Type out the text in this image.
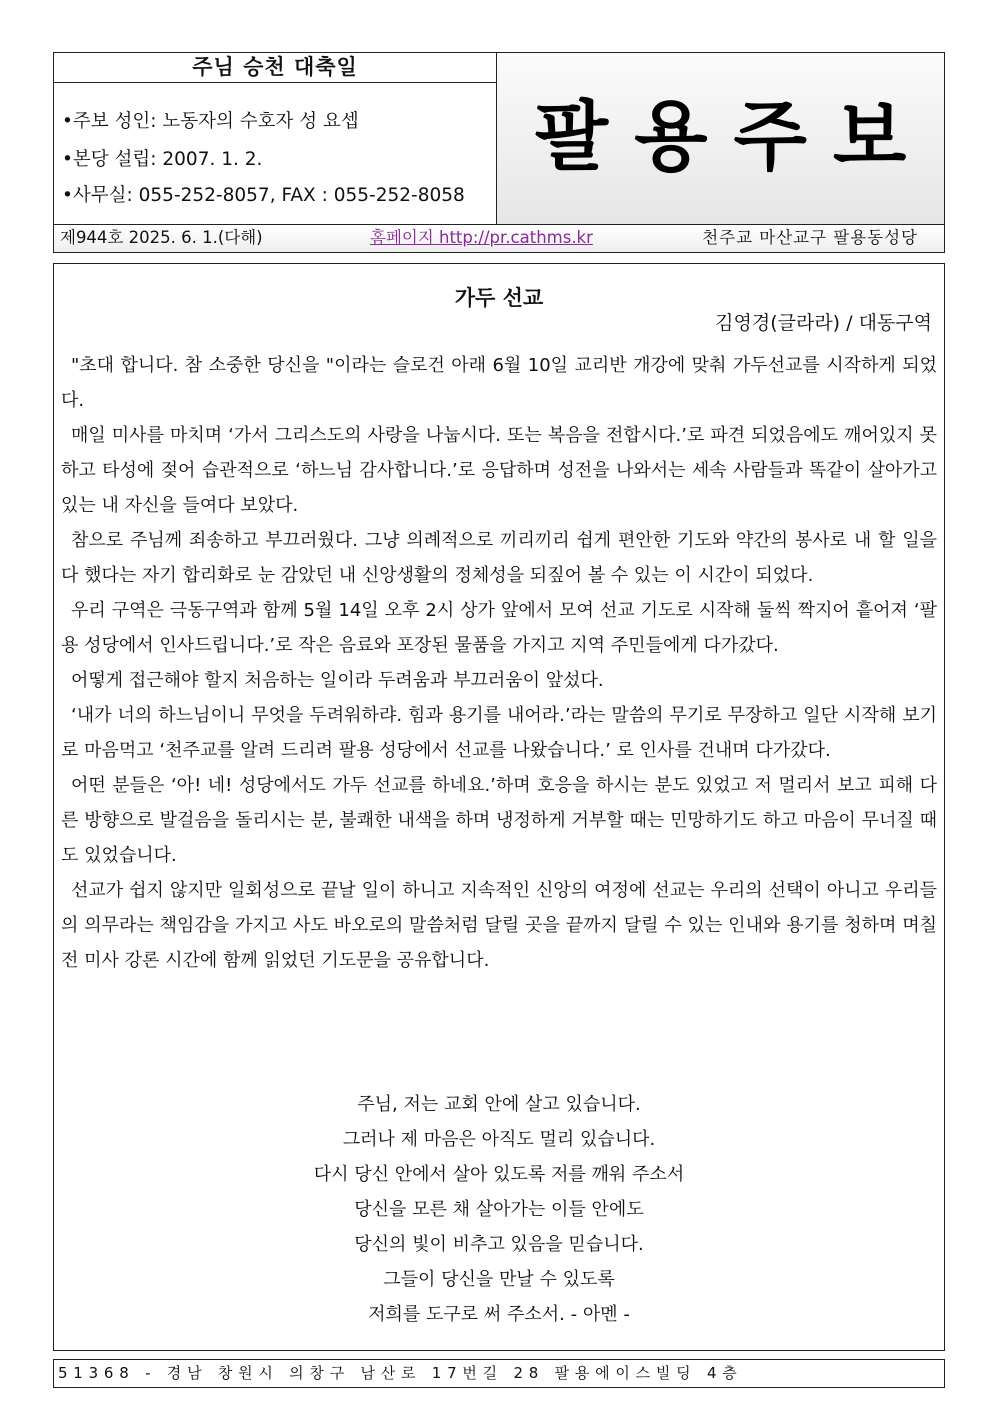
주님 승천 대축일
•주보 성인: 노동자의 수호자 성 요셉
•본당 설립: 2007. 1. 2.
•사무실: 055-252-8057, FAX : 055-252-8058
팔용주보
제944호 2025. 6. 1.(다해)	홈페이지 http://pr.cathms.kr	천주교 마산교구 팔용동성당
가두 선교
김영경(글라라) / 대동구역

"초대 합니다. 참 소중한 당신을 "이라는 슬로건 아래 6월 10일 교리반 개강에 맞춰 가두선교를 시작하게 되었다.

매일 미사를 마치며 ‘가서 그리스도의 사랑을 나눕시다. 또는 복음을 전합시다.’로 파견 되었음에도 깨어있지 못하고 타성에 젖어 습관적으로 ‘하느님 감사합니다.’로 응답하며 성전을 나와서는 세속 사람들과 똑같이 살아가고 있는 내 자신을 들여다 보았다.

참으로 주님께 죄송하고 부끄러웠다. 그냥 의례적으로 끼리끼리 쉽게 편안한 기도와 약간의 봉사로 내 할 일을 다 했다는 자기 합리화로 눈 감았던 내 신앙생활의 정체성을 되짚어 볼 수 있는 이 시간이 되었다.

우리 구역은 극동구역과 함께 5월 14일 오후 2시 상가 앞에서 모여 선교 기도로 시작해 둘씩 짝지어 흩어져 ‘팔용 성당에서 인사드립니다.’로 작은 음료와 포장된 물품을 가지고 지역 주민들에게 다가갔다.

어떻게 접근해야 할지 처음하는 일이라 두려움과 부끄러움이 앞섰다.

‘내가 너의 하느님이니 무엇을 두려워하랴. 힘과 용기를 내어라.’라는 말씀의 무기로 무장하고 일단 시작해 보기로 마음먹고 ‘천주교를 알려 드리려 팔용 성당에서 선교를 나왔습니다.’ 로 인사를 건내며 다가갔다.

어떤 분들은 ‘아! 네! 성당에서도 가두 선교를 하네요.’하며 호응을 하시는 분도 있었고 저 멀리서 보고 피해 다른 방향으로 발걸음을 돌리시는 분, 불쾌한 내색을 하며 냉정하게 거부할 때는 민망하기도 하고 마음이 무너질 때도 있었습니다.

선교가 쉽지 않지만 일회성으로 끝날 일이 하니고 지속적인 신앙의 여정에 선교는 우리의 선택이 아니고 우리들의 의무라는 책임감을 가지고 사도 바오로의 말씀처럼 달릴 곳을 끝까지 달릴 수 있는 인내와 용기를 청하며 며칠 전 미사 강론 시간에 함께 읽었던 기도문을 공유합니다.

주님, 저는 교회 안에 살고 있습니다.
그러나 제 마음은 아직도 멀리 있습니다.
다시 당신 안에서 살아 있도록 저를 깨워 주소서
당신을 모른 채 살아가는 이들 안에도
당신의 빛이 비추고 있음을 믿습니다.
그들이 당신을 만날 수 있도록
저희를 도구로 써 주소서. - 아멘 -
5 1 3 6 8   -   경 남   창 원 시   의 창 구   남 산 로   1 7 번 길   2 8   팔 용 에 이 스 빌 딩   4 층
